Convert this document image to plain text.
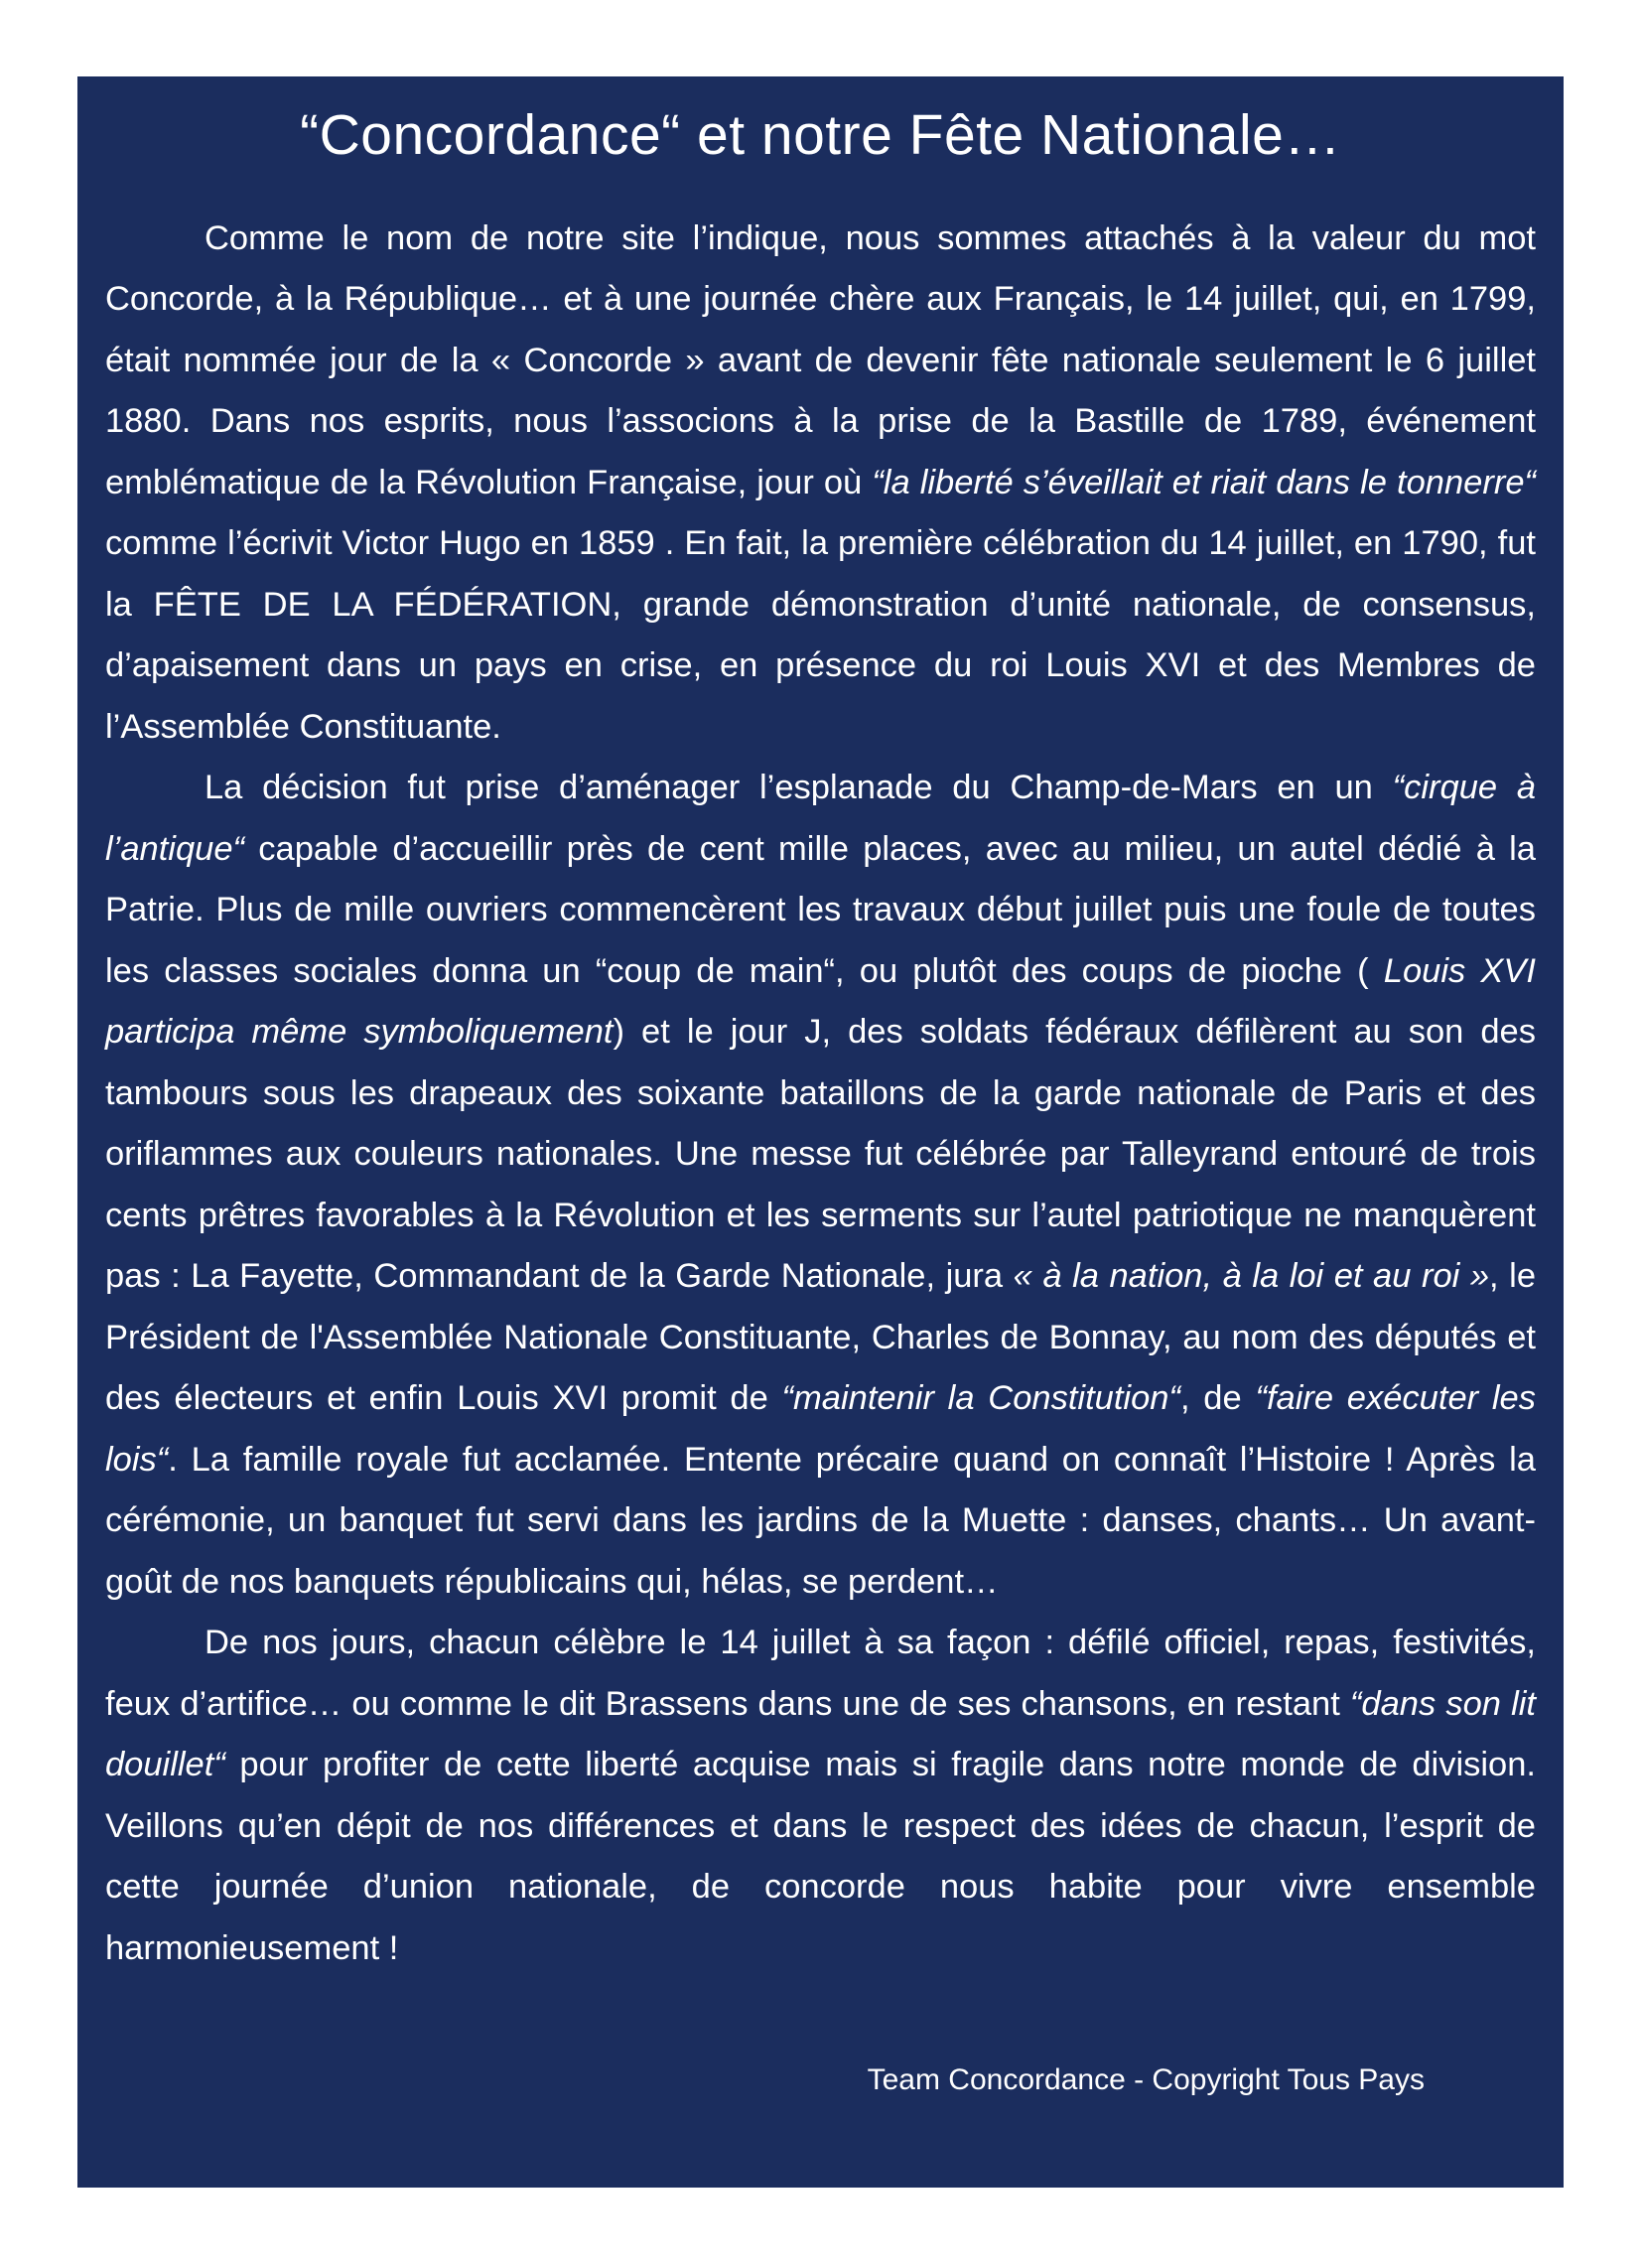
“Concordance“ et notre Fête Nationale…

Comme le nom de notre site l’indique, nous sommes attachés à la valeur du mot Concorde, à la République… et à une journée chère aux Français, le 14 juillet, qui, en 1799, était nommée jour de la « Concorde » avant de devenir fête nationale seulement le 6 juillet 1880. Dans nos esprits, nous l’associons à la prise de la Bastille de 1789, événement emblématique de la Révolution Française, jour où “la liberté s’éveillait et riait dans le tonnerre“ comme l’écrivit Victor Hugo en 1859 . En fait, la première célébration du 14 juillet, en 1790, fut la FÊTE DE LA FÉDÉRATION, grande démonstration d’unité nationale, de consensus, d’apaisement dans un pays en crise, en présence du roi Louis XVI et des Membres de l’Assemblée Constituante.

La décision fut prise d’aménager l’esplanade du Champ-de-Mars en un “cirque à l’antique“ capable d’accueillir près de cent mille places, avec au milieu, un autel dédié à la Patrie. Plus de mille ouvriers commencèrent les travaux début juillet puis une foule de toutes les classes sociales donna un “coup de main“, ou plutôt des coups de pioche ( Louis XVI participa même symboliquement) et le jour J, des soldats fédéraux défilèrent au son des tambours sous les drapeaux des soixante bataillons de la garde nationale de Paris et des oriflammes aux couleurs nationales. Une messe fut célébrée par Talleyrand entouré de trois cents prêtres favorables à la Révolution et les serments sur l’autel patriotique ne manquèrent pas : La Fayette, Commandant de la Garde Nationale, jura « à la nation, à la loi et au roi », le Président de l'Assemblée Nationale Constituante, Charles de Bonnay, au nom des députés et des électeurs et enfin Louis XVI promit de “maintenir la Constitution“, de “faire exécuter les lois“. La famille royale fut acclamée. Entente précaire quand on connaît l’Histoire ! Après la cérémonie, un banquet fut servi dans les jardins de la Muette : danses, chants… Un avant-goût de nos banquets républicains qui, hélas, se perdent…

De nos jours, chacun célèbre le 14 juillet à sa façon : défilé officiel, repas, festivités, feux d’artifice… ou comme le dit Brassens dans une de ses chansons, en restant “dans son lit douillet“ pour profiter de cette liberté acquise mais si fragile dans notre monde de division. Veillons qu’en dépit de nos différences et dans le respect des idées de chacun, l’esprit de cette journée d’union nationale, de concorde nous habite pour vivre ensemble harmonieusement !

Team Concordance - Copyright Tous Pays
